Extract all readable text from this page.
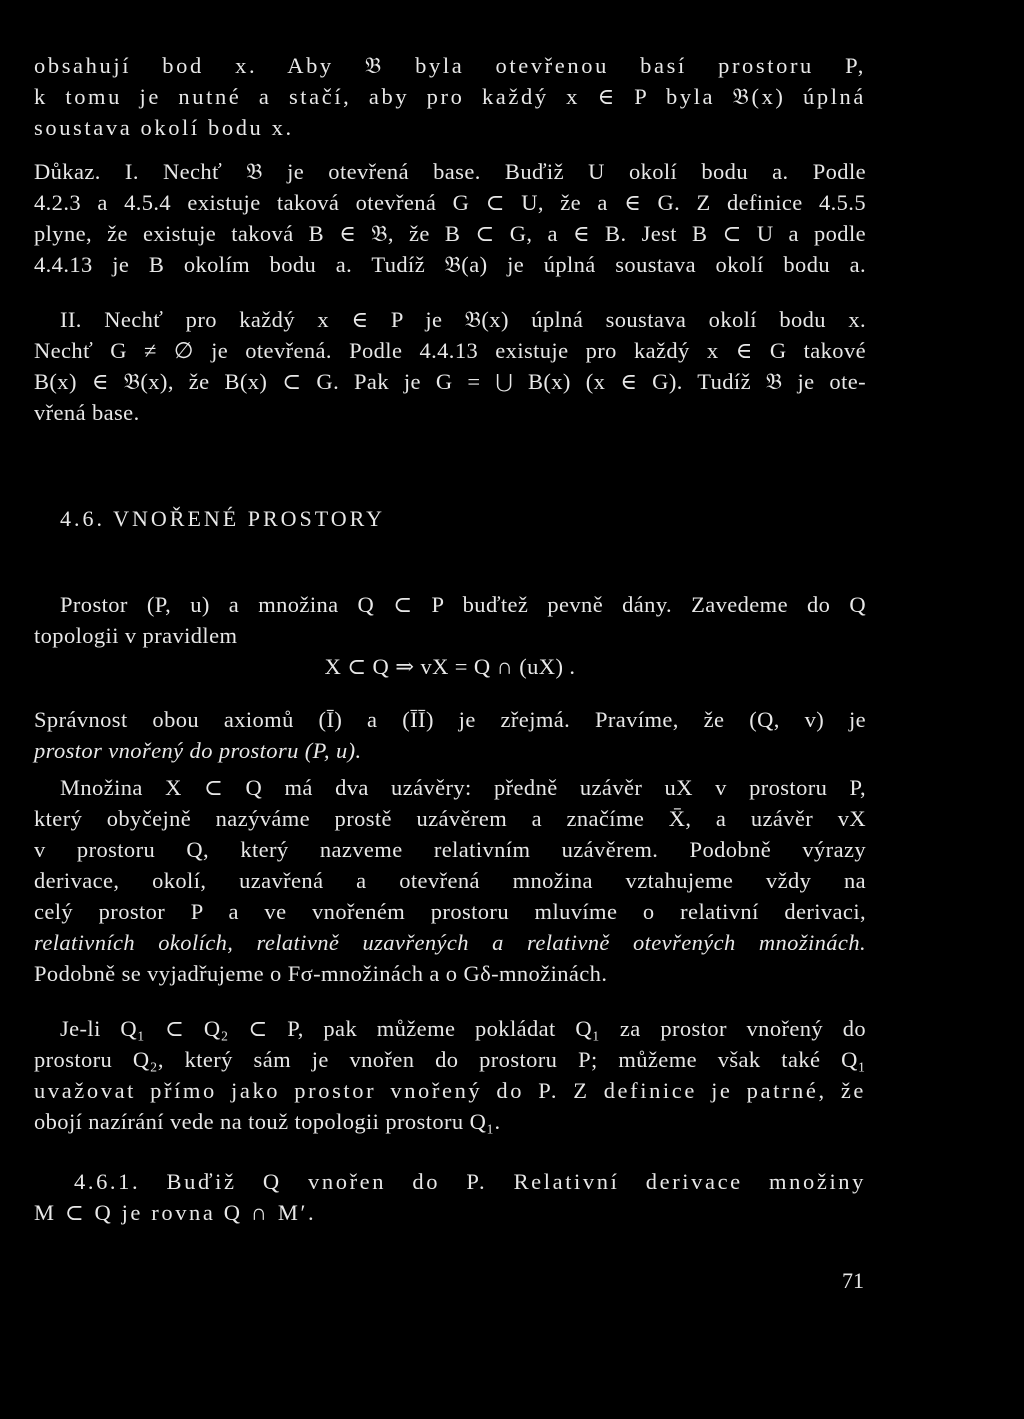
obsahují bod x. Aby 𝔅 byla otevřenou basí prostoru P,
k tomu je nutné a stačí, aby pro každý x ∈ P byla 𝔅(x) úplná
soustava okolí bodu x.
Důkaz. I. Nechť 𝔅 je otevřená base. Buďiž U okolí bodu a. Podle
4.2.3 a 4.5.4 existuje taková otevřená G ⊂ U, že a ∈ G. Z definice 4.5.5
plyne, že existuje taková B ∈ 𝔅, že B ⊂ G, a ∈ B. Jest B ⊂ U a podle
4.4.13 je B okolím bodu a. Tudíž 𝔅(a) je úplná soustava okolí bodu a.
II. Nechť pro každý x ∈ P je 𝔅(x) úplná soustava okolí bodu x.
Nechť G ≠ ∅ je otevřená. Podle 4.4.13 existuje pro každý x ∈ G takové
B(x) ∈ 𝔅(x), že B(x) ⊂ G. Pak je G = ⋃ B(x) (x ∈ G). Tudíž 𝔅 je ote-
vřená base.
4.6. VNOŘENÉ PROSTORY
Prostor (P, u) a množina Q ⊂ P buďtež pevně dány. Zavedeme do Q
topologii v pravidlem
X ⊂ Q ⇒ vX = Q ∩ (uX) .
Správnost obou axiomů (Ī) a (ĪĪ) je zřejmá. Pravíme, že (Q, v) je
prostor vnořený do prostoru (P, u).
Množina X ⊂ Q má dva uzávěry: předně uzávěr uX v prostoru P,
který obyčejně nazýváme prostě uzávěrem a značíme X̄, a uzávěr vX
v prostoru Q, který nazveme relativním uzávěrem. Podobně výrazy
derivace, okolí, uzavřená a otevřená množina vztahujeme vždy na
celý prostor P a ve vnořeném prostoru mluvíme o relativní derivaci,
relativních okolích, relativně uzavřených a relativně otevřených množinách.
Podobně se vyjadřujeme o Fσ-množinách a o Gδ-množinách.
Je-li Q₁ ⊂ Q₂ ⊂ P, pak můžeme pokládat Q₁ za prostor vnořený do
prostoru Q₂, který sám je vnořen do prostoru P; můžeme však také Q₁
uvažovat přímo jako prostor vnořený do P. Z definice je patrné, že
obojí nazírání vede na touž topologii prostoru Q₁.
4.6.1. Buďiž Q vnořen do P. Relativní derivace množiny
M ⊂ Q je rovna Q ∩ M′.
71
